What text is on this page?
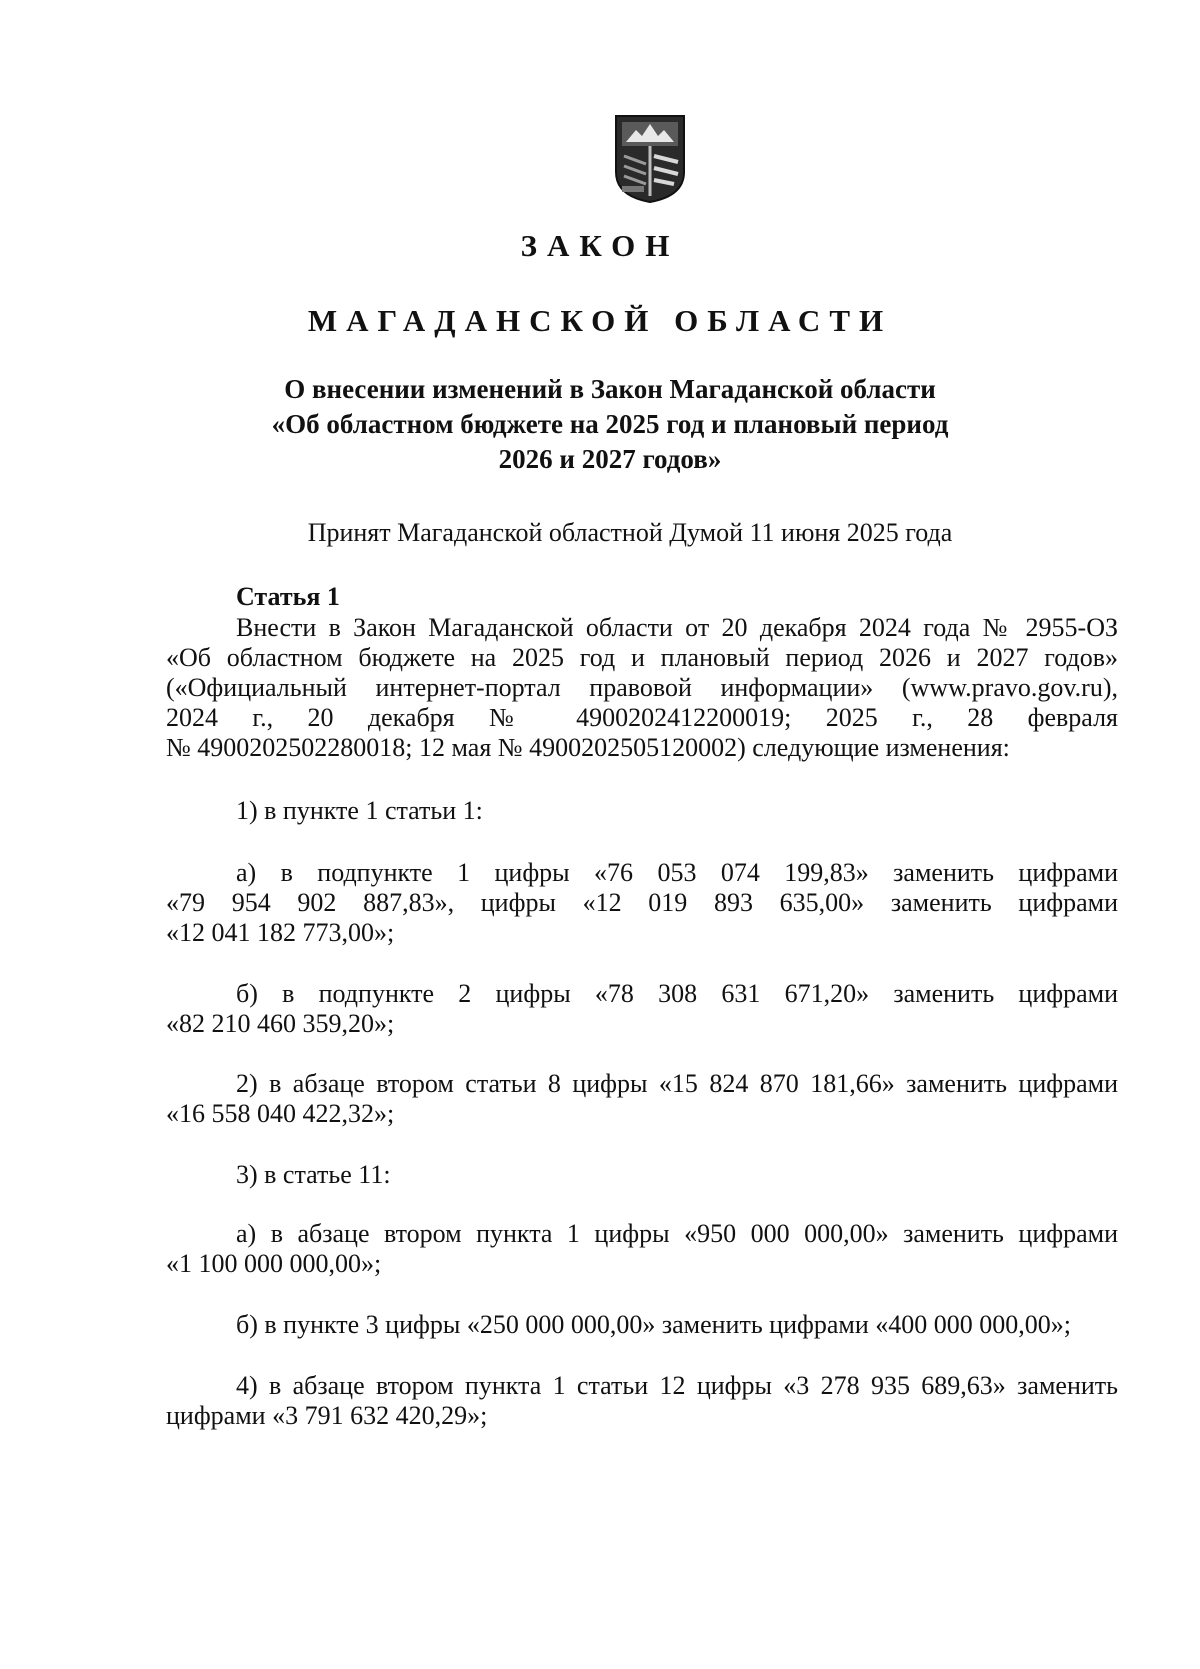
ЗАКОН
МАГАДАНСКОЙ ОБЛАСТИ
О внесении изменений в Закон Магаданской области
«Об областном бюджете на 2025 год и плановый период
2026 и 2027 годов»
Принят Магаданской областной Думой 11 июня 2025 года
Статья 1
Внести в Закон Магаданской области от 20 декабря 2024 года № 2955-ОЗ
«Об областном бюджете на 2025 год и плановый период 2026 и 2027 годов»
(«Официальный интернет-портал правовой информации» (www.pravo.gov.ru),
2024 г., 20 декабря № 4900202412200019; 2025 г., 28 февраля
№ 4900202502280018; 12 мая № 4900202505120002) следующие изменения:
1) в пункте 1 статьи 1:
а) в подпункте 1 цифры «76 053 074 199,83» заменить цифрами
«79 954 902 887,83», цифры «12 019 893 635,00» заменить цифрами
«12 041 182 773,00»;
б) в подпункте 2 цифры «78 308 631 671,20» заменить цифрами
«82 210 460 359,20»;
2) в абзаце втором статьи 8 цифры «15 824 870 181,66» заменить цифрами
«16 558 040 422,32»;
3) в статье 11:
а) в абзаце втором пункта 1 цифры «950 000 000,00» заменить цифрами
«1 100 000 000,00»;
б) в пункте 3 цифры «250 000 000,00» заменить цифрами «400 000 000,00»;
4) в абзаце втором пункта 1 статьи 12 цифры «3 278 935 689,63» заменить
цифрами «3 791 632 420,29»;
